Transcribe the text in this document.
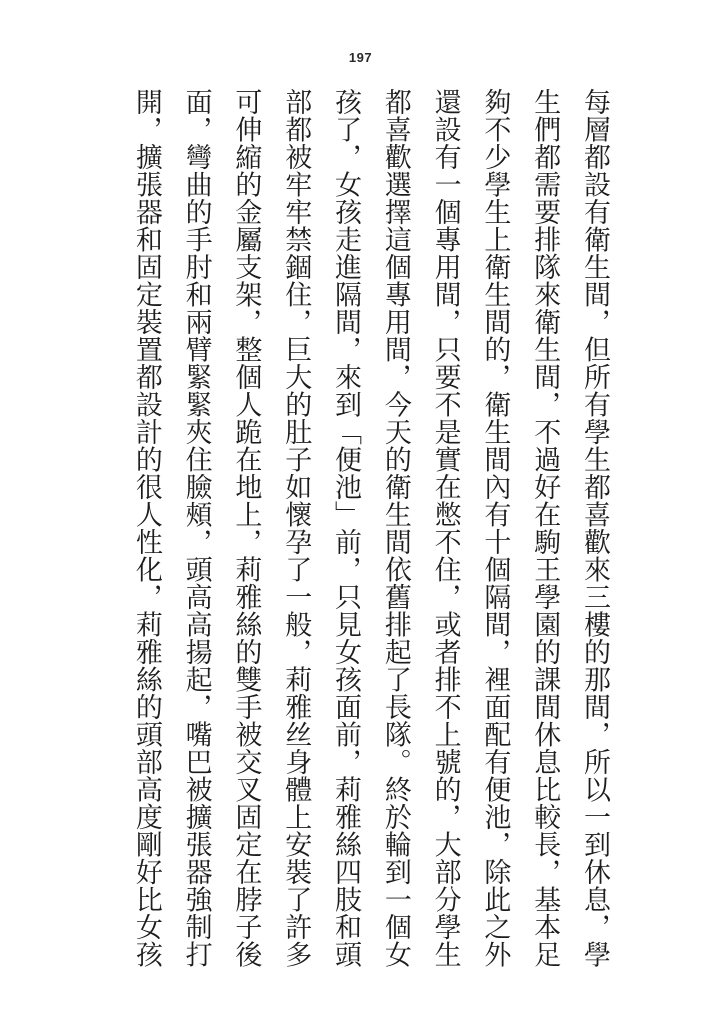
197
每層都設有衛生間，但所有學生都喜歡來三樓的那間，所以一到休息，學
生們都需要排隊來衛生間，不過好在駒王學園的課間休息比較長，基本足
夠不少學生上衛生間的，衛生間內有十個隔間，裡面配有便池，除此之外
還設有一個專用間，只要不是實在憋不住，或者排不上號的，大部分學生
都喜歡選擇這個專用間，今天的衛生間依舊排起了長隊。終於輪到一個女
孩了，女孩走進隔間，來到「便池」前，只見女孩面前，莉雅絲四肢和頭
部都被牢牢禁錮住，巨大的肚子如懷孕了一般，莉雅丝身體上安裝了許多
可伸縮的金屬支架，整個人跪在地上，莉雅絲的雙手被交叉固定在脖子後
面，彎曲的手肘和兩臂緊緊夾住臉頰，頭高高揚起，嘴巴被擴張器強制打
開，擴張器和固定裝置都設計的很人性化，莉雅絲的頭部高度剛好比女孩
